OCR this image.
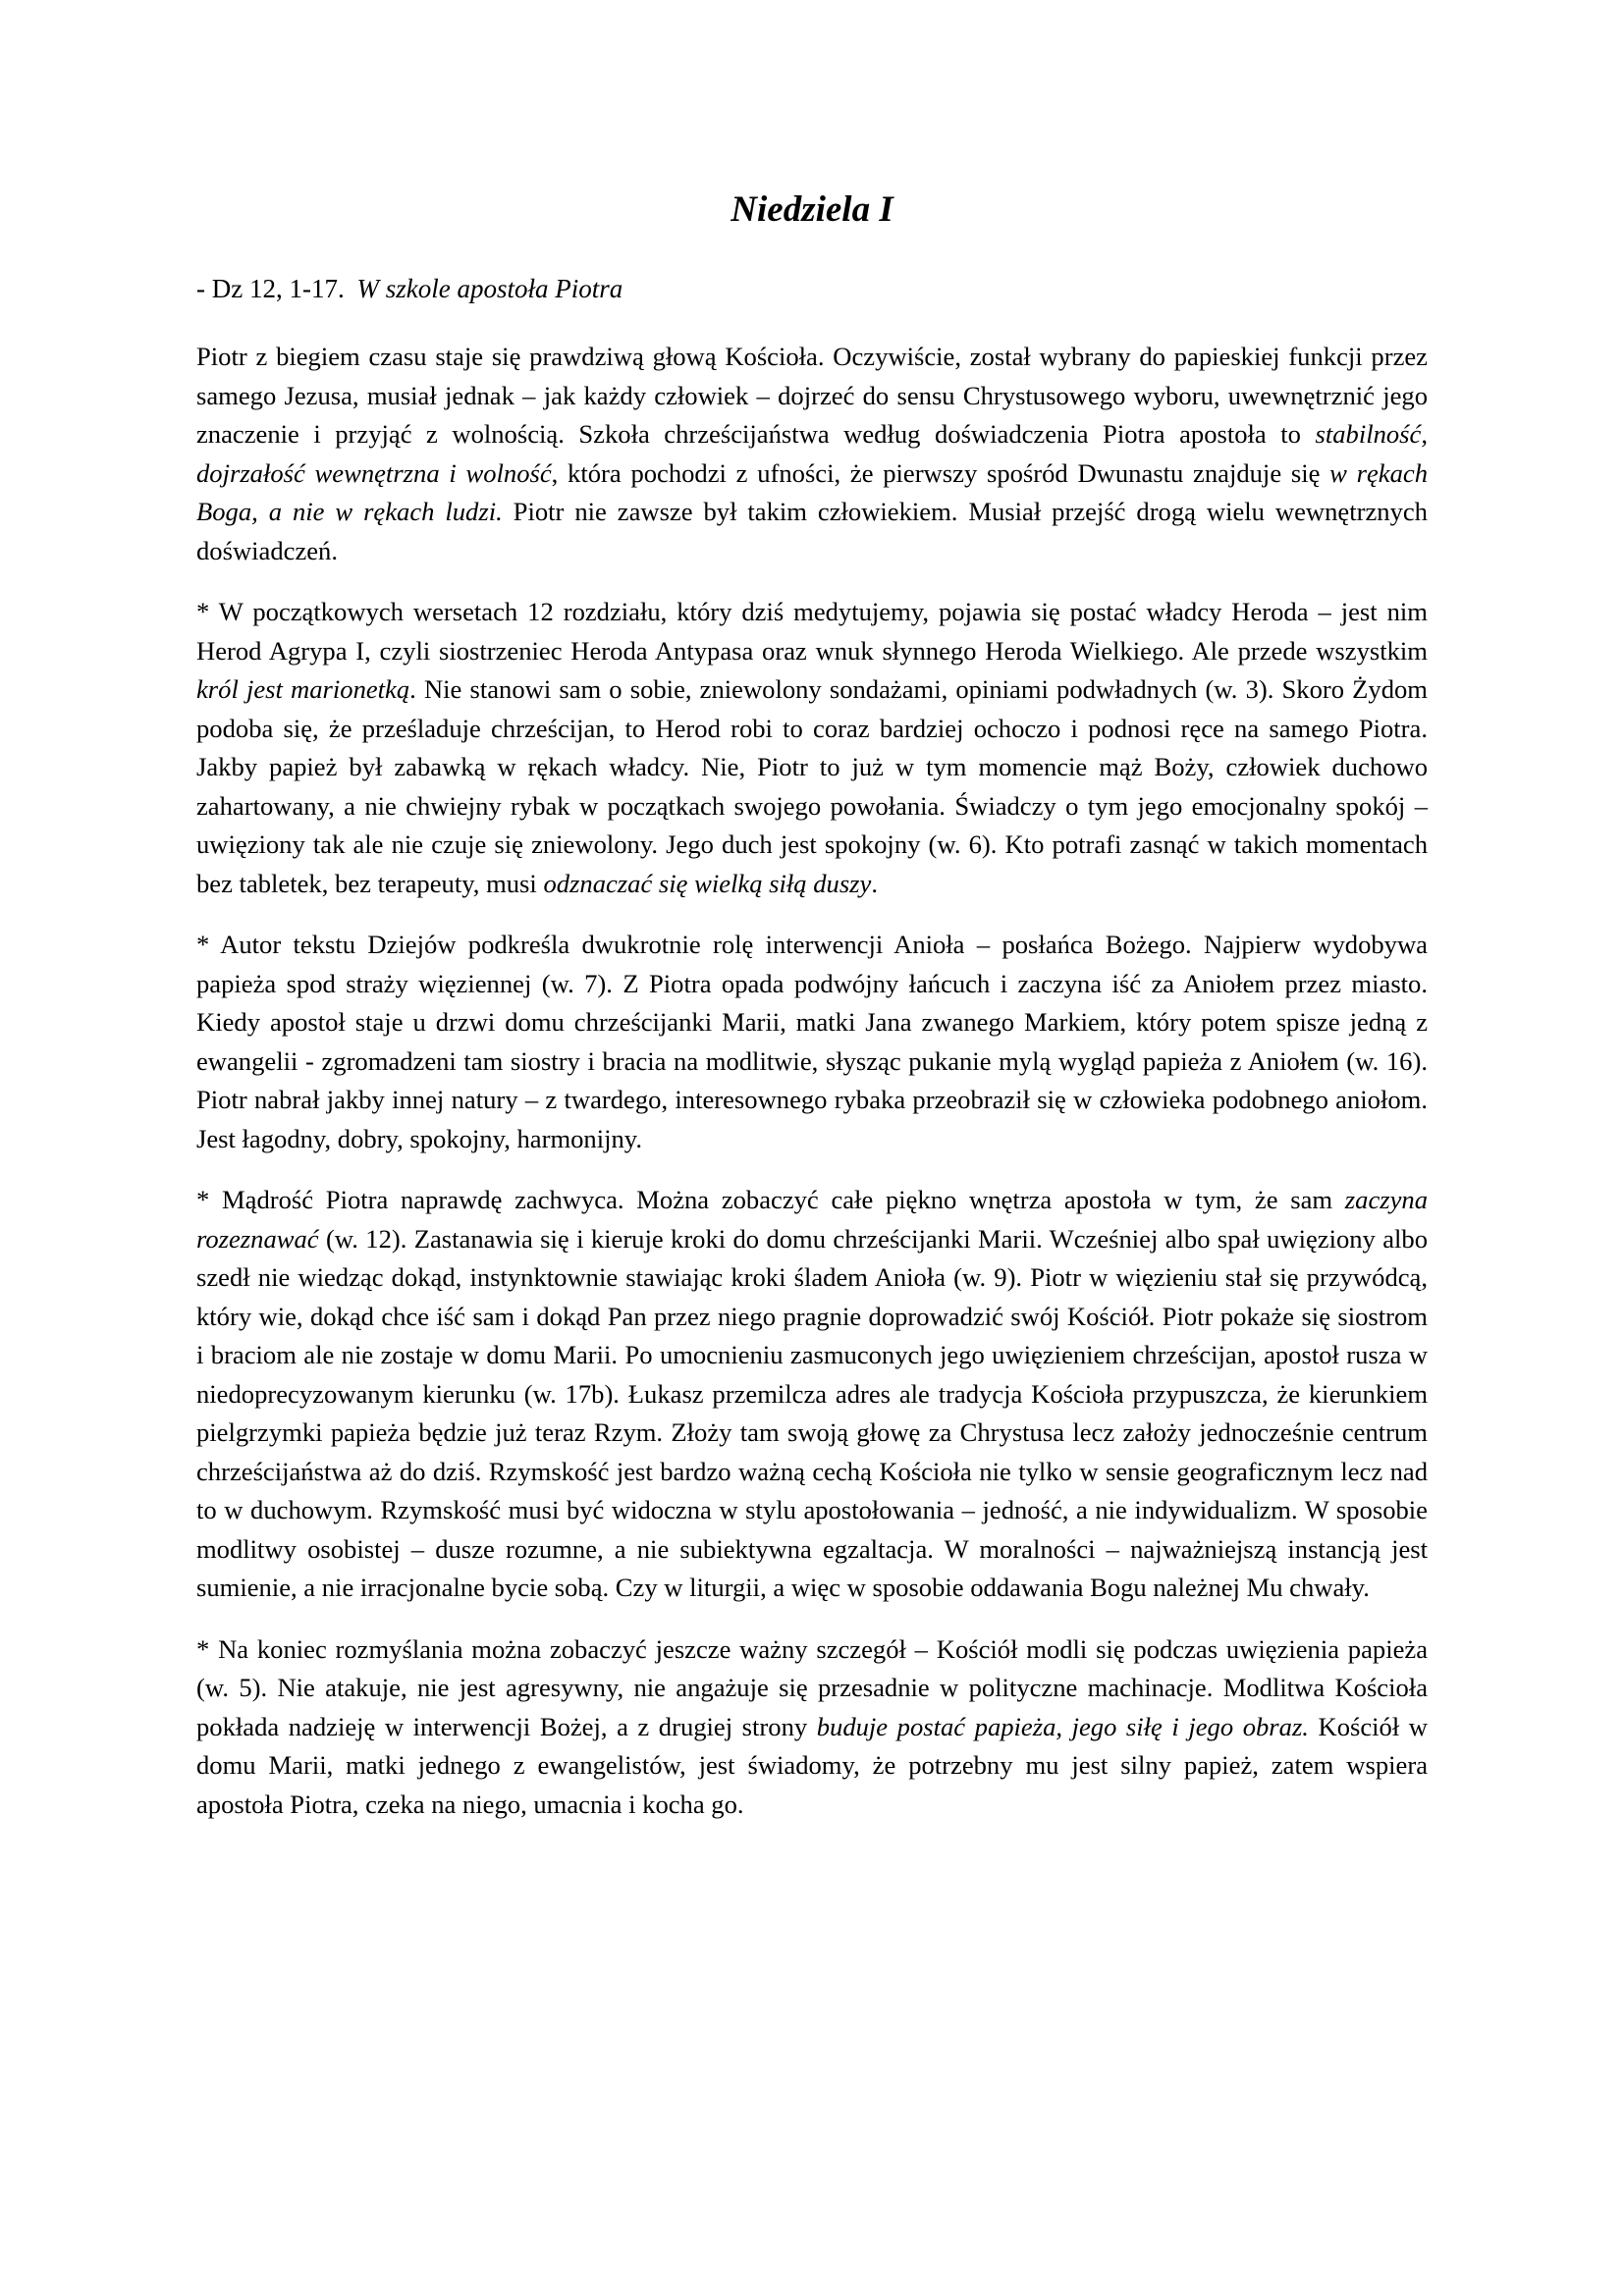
Niedziela I
- Dz 12, 1-17. W szkole apostoła Piotra

Piotr z biegiem czasu staje się prawdziwą głową Kościoła. Oczywiście, został wybrany do papieskiej funkcji przez samego Jezusa, musiał jednak – jak każdy człowiek – dojrzeć do sensu Chrystusowego wyboru, uwewnętrznić jego znaczenie i przyjąć z wolnością. Szkoła chrześcijaństwa według doświadczenia Piotra apostoła to stabilność, dojrzałość wewnętrzna i wolność, która pochodzi z ufności, że pierwszy spośród Dwunastu znajduje się w rękach Boga, a nie w rękach ludzi. Piotr nie zawsze był takim człowiekiem. Musiał przejść drogą wielu wewnętrznych doświadczeń.

* W początkowych wersetach 12 rozdziału, który dziś medytujemy, pojawia się postać władcy Heroda – jest nim Herod Agrypa I, czyli siostrzeniec Heroda Antypasa oraz wnuk słynnego Heroda Wielkiego. Ale przede wszystkim król jest marionetką. Nie stanowi sam o sobie, zniewolony sondażami, opiniami podwładnych (w. 3). Skoro Żydom podoba się, że prześladuje chrześcijan, to Herod robi to coraz bardziej ochoczo i podnosi ręce na samego Piotra. Jakby papież był zabawką w rękach władcy. Nie, Piotr to już w tym momencie mąż Boży, człowiek duchowo zahartowany, a nie chwiejny rybak w początkach swojego powołania. Świadczy o tym jego emocjonalny spokój – uwięziony tak ale nie czuje się zniewolony. Jego duch jest spokojny (w. 6). Kto potrafi zasnąć w takich momentach bez tabletek, bez terapeuty, musi odznaczać się wielką siłą duszy.

* Autor tekstu Dziejów podkreśla dwukrotnie rolę interwencji Anioła – posłańca Bożego. Najpierw wydobywa papieża spod straży więziennej (w. 7). Z Piotra opada podwójny łańcuch i zaczyna iść za Aniołem przez miasto. Kiedy apostoł staje u drzwi domu chrześcijanki Marii, matki Jana zwanego Markiem, który potem spisze jedną z ewangelii - zgromadzeni tam siostry i bracia na modlitwie, słysząc pukanie mylą wygląd papieża z Aniołem (w. 16). Piotr nabrał jakby innej natury – z twardego, interesownego rybaka przeobraził się w człowieka podobnego aniołom. Jest łagodny, dobry, spokojny, harmonijny.

* Mądrość Piotra naprawdę zachwyca. Można zobaczyć całe piękno wnętrza apostoła w tym, że sam zaczyna rozeznawać (w. 12). Zastanawia się i kieruje kroki do domu chrześcijanki Marii. Wcześniej albo spał uwięziony albo szedł nie wiedząc dokąd, instynktownie stawiając kroki śladem Anioła (w. 9). Piotr w więzieniu stał się przywódcą, który wie, dokąd chce iść sam i dokąd Pan przez niego pragnie doprowadzić swój Kościół. Piotr pokaże się siostrom i braciom ale nie zostaje w domu Marii. Po umocnieniu zasmuconych jego uwięzieniem chrześcijan, apostoł rusza w niedoprecyzowanym kierunku (w. 17b). Łukasz przemilcza adres ale tradycja Kościoła przypuszcza, że kierunkiem pielgrzymki papieża będzie już teraz Rzym. Złoży tam swoją głowę za Chrystusa lecz założy jednocześnie centrum chrześcijaństwa aż do dziś. Rzymskość jest bardzo ważną cechą Kościoła nie tylko w sensie geograficznym lecz nad to w duchowym. Rzymskość musi być widoczna w stylu apostołowania – jedność, a nie indywidualizm. W sposobie modlitwy osobistej – dusze rozumne, a nie subiektywna egzaltacja. W moralności – najważniejszą instancją jest sumienie, a nie irracjonalne bycie sobą. Czy w liturgii, a więc w sposobie oddawania Bogu należnej Mu chwały.

* Na koniec rozmyślania można zobaczyć jeszcze ważny szczegół – Kościół modli się podczas uwięzienia papieża (w. 5). Nie atakuje, nie jest agresywny, nie angażuje się przesadnie w polityczne machinacje. Modlitwa Kościoła pokłada nadzieję w interwencji Bożej, a z drugiej strony buduje postać papieża, jego siłę i jego obraz. Kościół w domu Marii, matki jednego z ewangelistów, jest świadomy, że potrzebny mu jest silny papież, zatem wspiera apostoła Piotra, czeka na niego, umacnia i kocha go.
